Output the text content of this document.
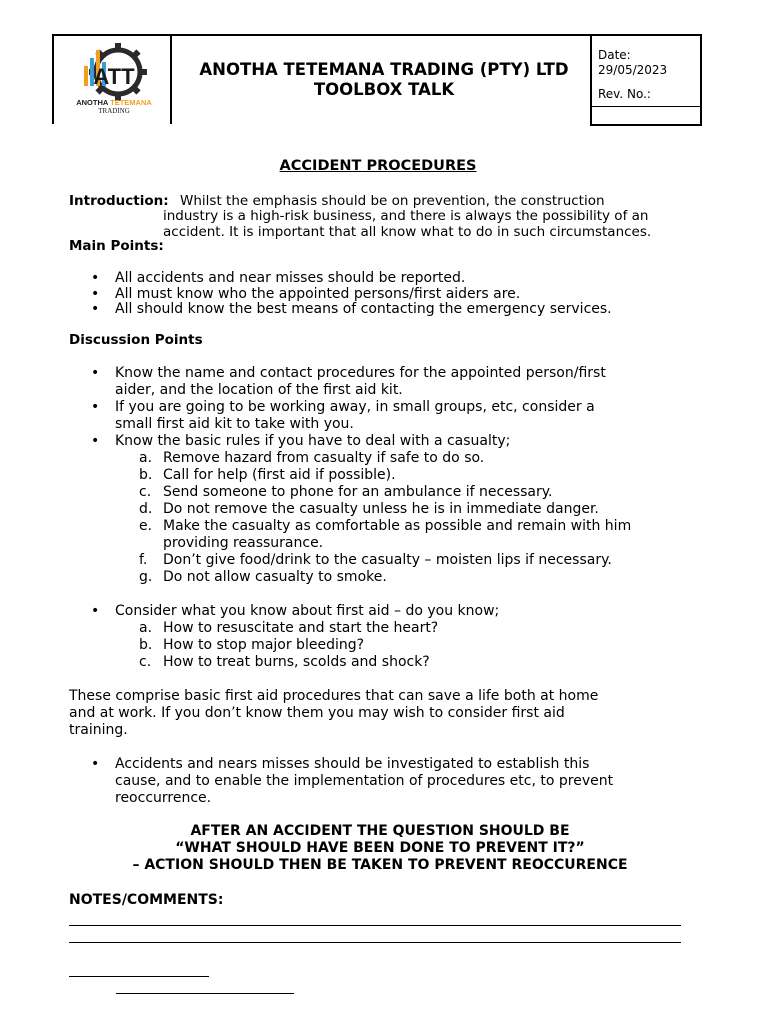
ATT
ANOTHA TETEMANA
TRADING
ANOTHA TETEMANA TRADING (PTY) LTD
TOOLBOX TALK
Date:
29/05/2023
Rev. No.:
ACCIDENT PROCEDURES
Introduction: Whilst the emphasis should be on prevention, the construction
industry is a high-risk business, and there is always the possibility of an
accident. It is important that all know what to do in such circumstances.
Main Points:
• All accidents and near misses should be reported.
• All must know who the appointed persons/first aiders are.
• All should know the best means of contacting the emergency services.
Discussion Points
• Know the name and contact procedures for the appointed person/first
aider, and the location of the first aid kit.
• If you are going to be working away, in small groups, etc, consider a
small first aid kit to take with you.
• Know the basic rules if you have to deal with a casualty;
a. Remove hazard from casualty if safe to do so.
b. Call for help (first aid if possible).
c. Send someone to phone for an ambulance if necessary.
d. Do not remove the casualty unless he is in immediate danger.
e. Make the casualty as comfortable as possible and remain with him
providing reassurance.
f. Don’t give food/drink to the casualty – moisten lips if necessary.
g. Do not allow casualty to smoke.
• Consider what you know about first aid – do you know;
a. How to resuscitate and start the heart?
b. How to stop major bleeding?
c. How to treat burns, scolds and shock?
These comprise basic first aid procedures that can save a life both at home
and at work. If you don’t know them you may wish to consider first aid
training.
• Accidents and nears misses should be investigated to establish this
cause, and to enable the implementation of procedures etc, to prevent
reoccurrence.
AFTER AN ACCIDENT THE QUESTION SHOULD BE
“WHAT SHOULD HAVE BEEN DONE TO PREVENT IT?”
– ACTION SHOULD THEN BE TAKEN TO PREVENT REOCCURENCE
NOTES/COMMENTS:
